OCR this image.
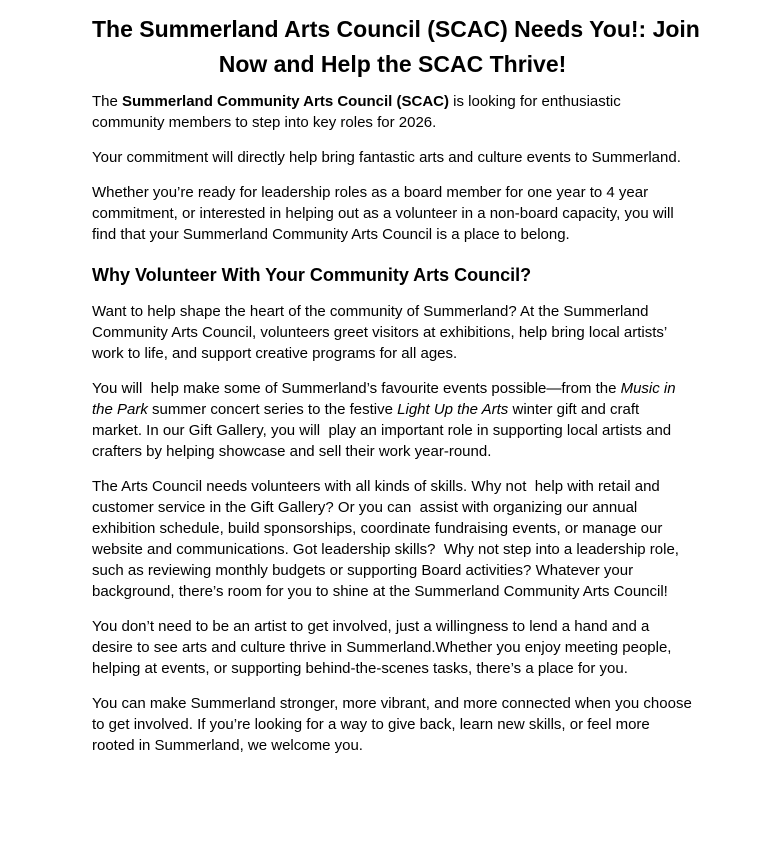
The Summerland Arts Council (SCAC) Needs You!: Join
Now and Help the SCAC Thrive!

The Summerland Community Arts Council (SCAC) is looking for enthusiastic community members to step into key roles for 2026.

Your commitment will directly help bring fantastic arts and culture events to Summerland.

Whether you’re ready for leadership roles as a board member for one year to 4 year commitment, or interested in helping out as a volunteer in a non-board capacity, you will find that your Summerland Community Arts Council is a place to belong.

Why Volunteer With Your Community Arts Council?

Want to help shape the heart of the community of Summerland? At the Summerland Community Arts Council, volunteers greet visitors at exhibitions, help bring local artists’ work to life, and support creative programs for all ages.

You will  help make some of Summerland’s favourite events possible—from the Music in the Park summer concert series to the festive Light Up the Arts winter gift and craft market. In our Gift Gallery, you will  play an important role in supporting local artists and crafters by helping showcase and sell their work year-round.

The Arts Council needs volunteers with all kinds of skills. Why not  help with retail and customer service in the Gift Gallery? Or you can  assist with organizing our annual exhibition schedule, build sponsorships, coordinate fundraising events, or manage our website and communications. Got leadership skills?  Why not step into a leadership role, such as reviewing monthly budgets or supporting Board activities? Whatever your background, there’s room for you to shine at the Summerland Community Arts Council!

You don’t need to be an artist to get involved, just a willingness to lend a hand and a desire to see arts and culture thrive in Summerland.Whether you enjoy meeting people, helping at events, or supporting behind-the-scenes tasks, there’s a place for you.

You can make Summerland stronger, more vibrant, and more connected when you choose to get involved. If you’re looking for a way to give back, learn new skills, or feel more rooted in Summerland, we welcome you.
